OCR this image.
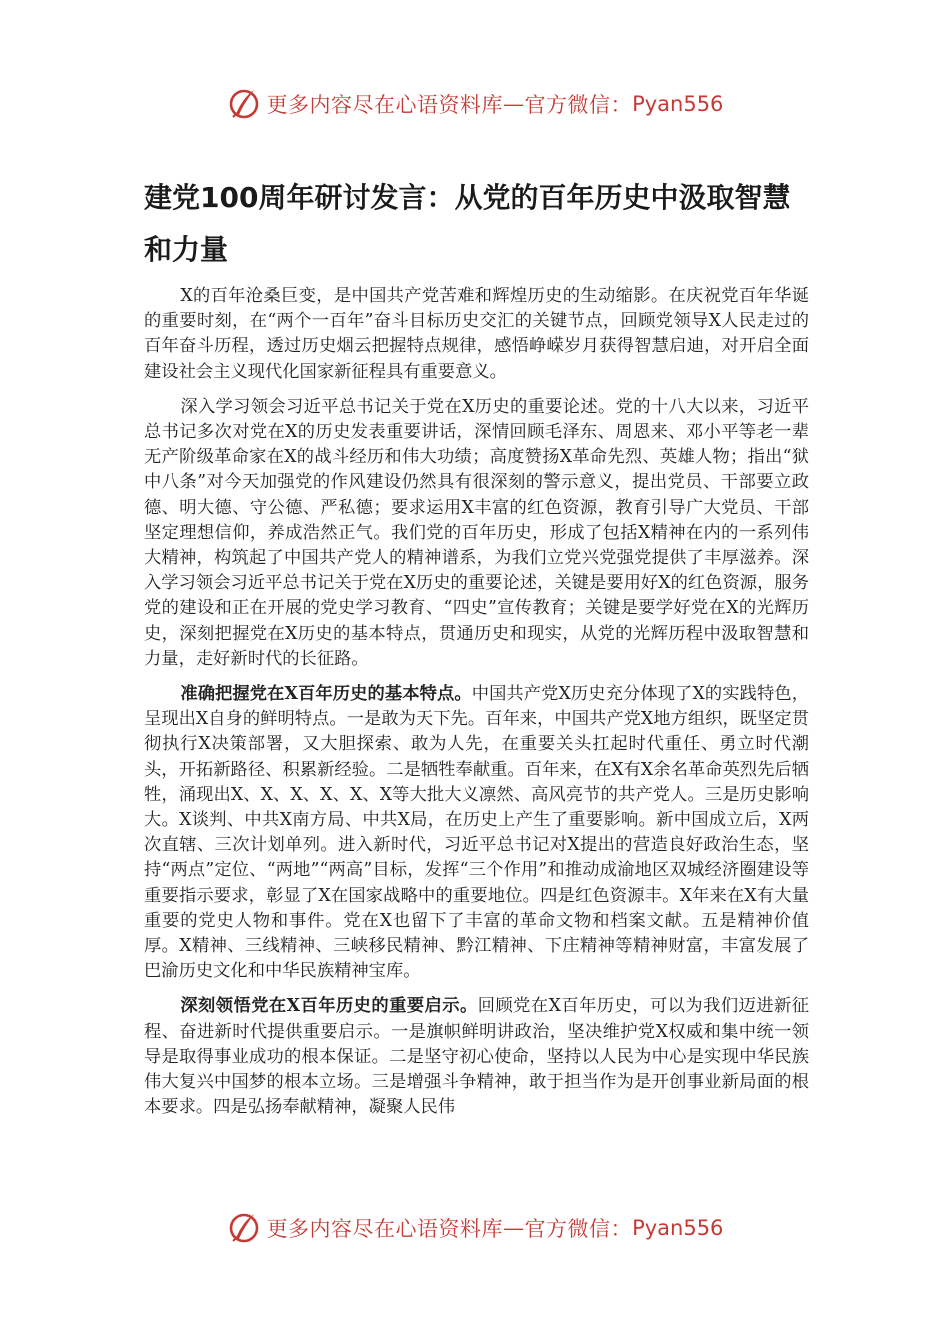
更多内容尽在心语资料库 — 官方微信： Pyan556
建党100周年研讨发言：从党的百年历史中汲取智慧和力量

X的百年沧桑巨变，是中国共产党苦难和辉煌历史的生动缩影。在庆祝党百年华诞的重要时刻，在“两个一百年”奋斗目标历史交汇的关键节点，回顾党领导X人民走过的百年奋斗历程，透过历史烟云把握特点规律，感悟峥嵘岁月获得智慧启迪，对开启全面建设社会主义现代化国家新征程具有重要意义。

深入学习领会习近平总书记关于党在X历史的重要论述。党的十八大以来，习近平总书记多次对党在X的历史发表重要讲话，深情回顾毛泽东、周恩来、邓小平等老一辈无产阶级革命家在X的战斗经历和伟大功绩；高度赞扬X革命先烈、英雄人物；指出“狱中八条”对今天加强党的作风建设仍然具有很深刻的警示意义，提出党员、干部要立政德、明大德、守公德、严私德；要求运用X丰富的红色资源，教育引导广大党员、干部坚定理想信仰，养成浩然正气。我们党的百年历史，形成了包括X精神在内的一系列伟大精神，构筑起了中国共产党人的精神谱系，为我们立党兴党强党提供了丰厚滋养。深入学习领会习近平总书记关于党在X历史的重要论述，关键是要用好X的红色资源，服务党的建设和正在开展的党史学习教育、“四史”宣传教育；关键是要学好党在X的光辉历史，深刻把握党在X历史的基本特点，贯通历史和现实，从党的光辉历程中汲取智慧和力量，走好新时代的长征路。

准确把握党在X百年历史的基本特点。中国共产党X历史充分体现了X的实践特色，呈现出X自身的鲜明特点。一是敢为天下先。百年来，中国共产党X地方组织，既坚定贯彻执行X决策部署，又大胆探索、敢为人先，在重要关头扛起时代重任、勇立时代潮头，开拓新路径、积累新经验。二是牺牲奉献重。百年来，在X有X余名革命英烈先后牺牲，涌现出X、X、X、X、X、X等大批大义凛然、高风亮节的共产党人。三是历史影响大。X谈判、中共X南方局、中共X局，在历史上产生了重要影响。新中国成立后，X两次直辖、三次计划单列。进入新时代，习近平总书记对X提出的营造良好政治生态，坚持“两点”定位、“两地”“两高”目标，发挥“三个作用”和推动成渝地区双城经济圈建设等重要指示要求，彰显了X在国家战略中的重要地位。四是红色资源丰。X年来在X有大量重要的党史人物和事件。党在X也留下了丰富的革命文物和档案文献。五是精神价值厚。X精神、三线精神、三峡移民精神、黔江精神、下庄精神等精神财富，丰富发展了巴渝历史文化和中华民族精神宝库。

深刻领悟党在X百年历史的重要启示。回顾党在X百年历史，可以为我们迈进新征程、奋进新时代提供重要启示。一是旗帜鲜明讲政治，坚决维护党X权威和集中统一领导是取得事业成功的根本保证。二是坚守初心使命，坚持以人民为中心是实现中华民族伟大复兴中国梦的根本立场。三是增强斗争精神，敢于担当作为是开创事业新局面的根本要求。四是弘扬奉献精神，凝聚人民伟

更多内容尽在心语资料库 — 官方微信： Pyan556
